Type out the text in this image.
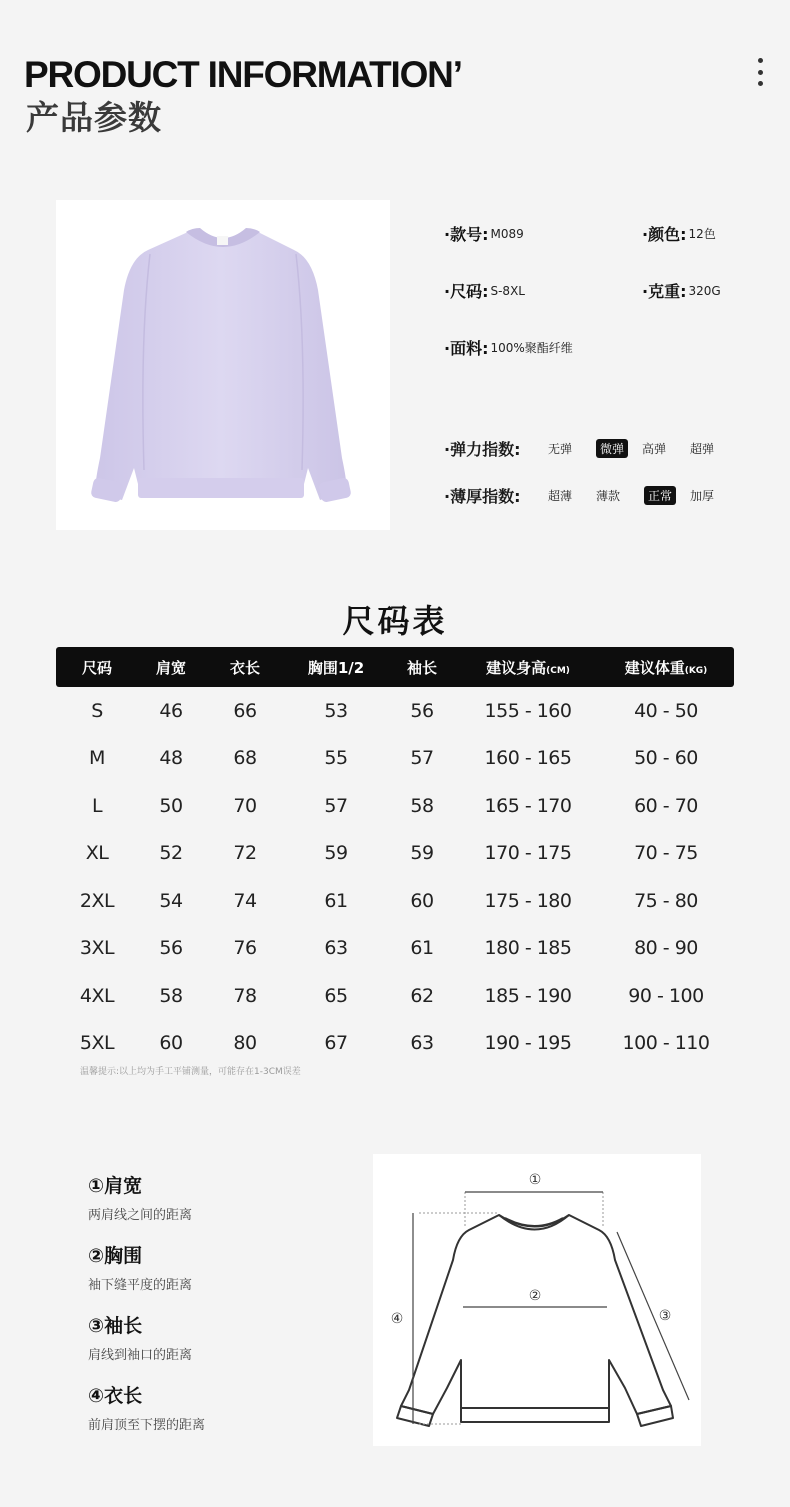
PRODUCT INFORMATION’
产品参数
·款号: M089	·颜色: 12色
·尺码: S-8XL	·克重: 320G
·面料: 100%聚酯纤维
·弹力指数:	无弹	微弹	高弹	超弹
·薄厚指数:	超薄	薄款	正常	加厚
尺码表
尺码	肩宽	衣长	胸围1/2	袖长	建议身高(CM)	建议体重(KG)
S	46	66	53	56	155 - 160	40 - 50
M	48	68	55	57	160 - 165	50 - 60
L	50	70	57	58	165 - 170	60 - 70
XL	52	72	59	59	170 - 175	70 - 75
2XL	54	74	61	60	175 - 180	75 - 80
3XL	56	76	63	61	180 - 185	80 - 90
4XL	58	78	65	62	185 - 190	90 - 100
5XL	60	80	67	63	190 - 195	100 - 110
温馨提示:以上均为手工平铺测量，可能存在1-3CM误差
①肩宽
两肩线之间的距离
②胸围
袖下缝平度的距离
③袖长
肩线到袖口的距离
④衣长
前肩顶至下摆的距离
①
②
③
④
